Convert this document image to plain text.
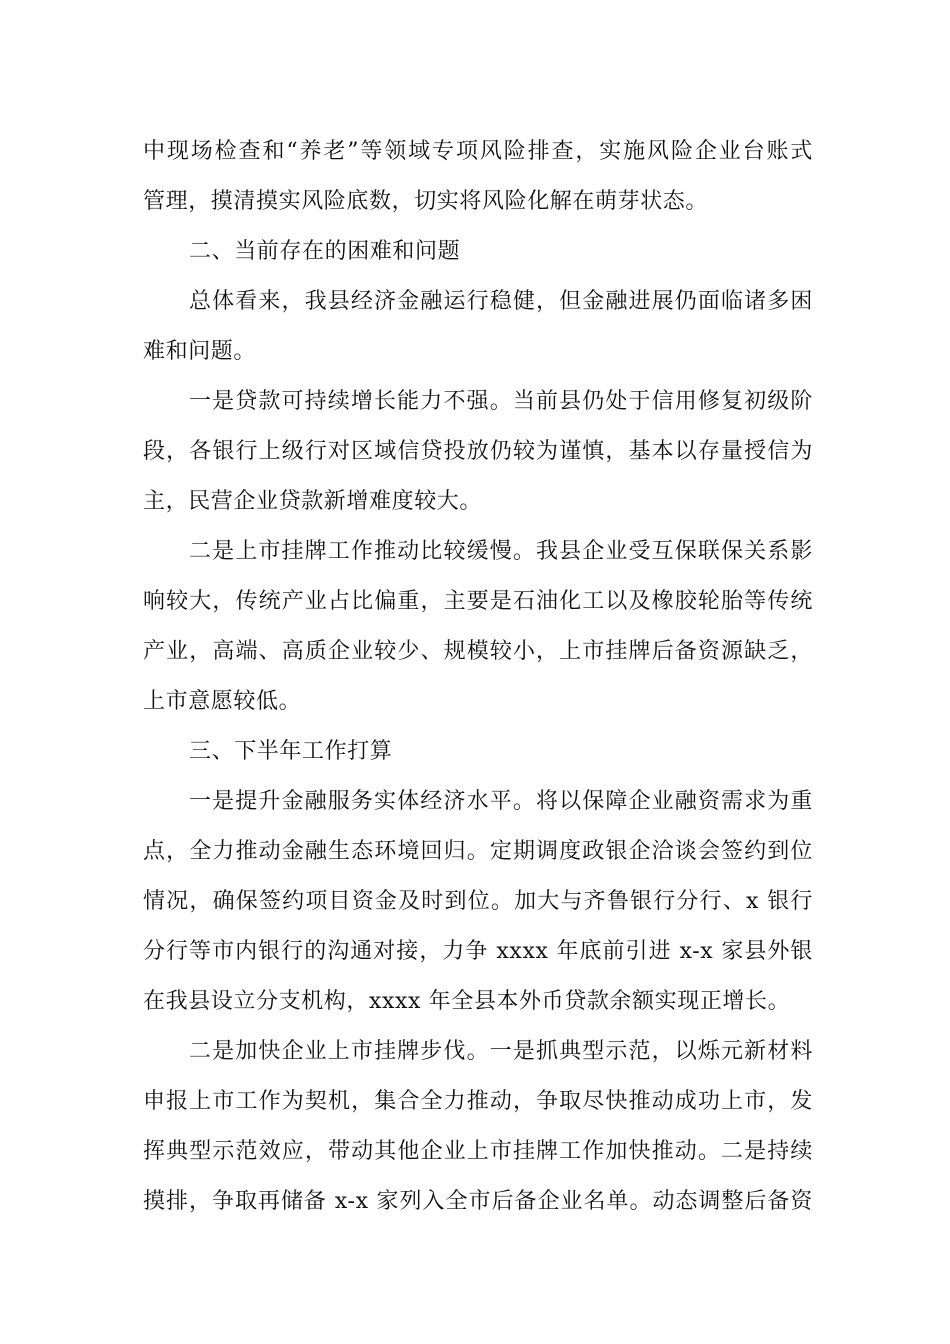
中现场检查和“养老”等领域专项风险排查，实施风险企业台账式
管理，摸清摸实风险底数，切实将风险化解在萌芽状态。
二、当前存在的困难和问题
总体看来，我县经济金融运行稳健，但金融进展仍面临诸多困
难和问题。
一是贷款可持续增长能力不强。当前县仍处于信用修复初级阶
段，各银行上级行对区域信贷投放仍较为谨慎，基本以存量授信为
主，民营企业贷款新增难度较大。
二是上市挂牌工作推动比较缓慢。我县企业受互保联保关系影
响较大，传统产业占比偏重，主要是石油化工以及橡胶轮胎等传统
产业，高端、高质企业较少、规模较小，上市挂牌后备资源缺乏，
上市意愿较低。
三、下半年工作打算
一是提升金融服务实体经济水平。将以保障企业融资需求为重
点，全力推动金融生态环境回归。定期调度政银企洽谈会签约到位
情况，确保签约项目资金及时到位。加大与齐鲁银行分行、x 银行
分行等市内银行的沟通对接，力争 xxxx 年底前引进 x-x 家县外银
在我县设立分支机构，xxxx 年全县本外币贷款余额实现正增长。
二是加快企业上市挂牌步伐。一是抓典型示范，以烁元新材料
申报上市工作为契机，集合全力推动，争取尽快推动成功上市，发
挥典型示范效应，带动其他企业上市挂牌工作加快推动。二是持续
摸排，争取再储备 x-x 家列入全市后备企业名单。动态调整后备资
